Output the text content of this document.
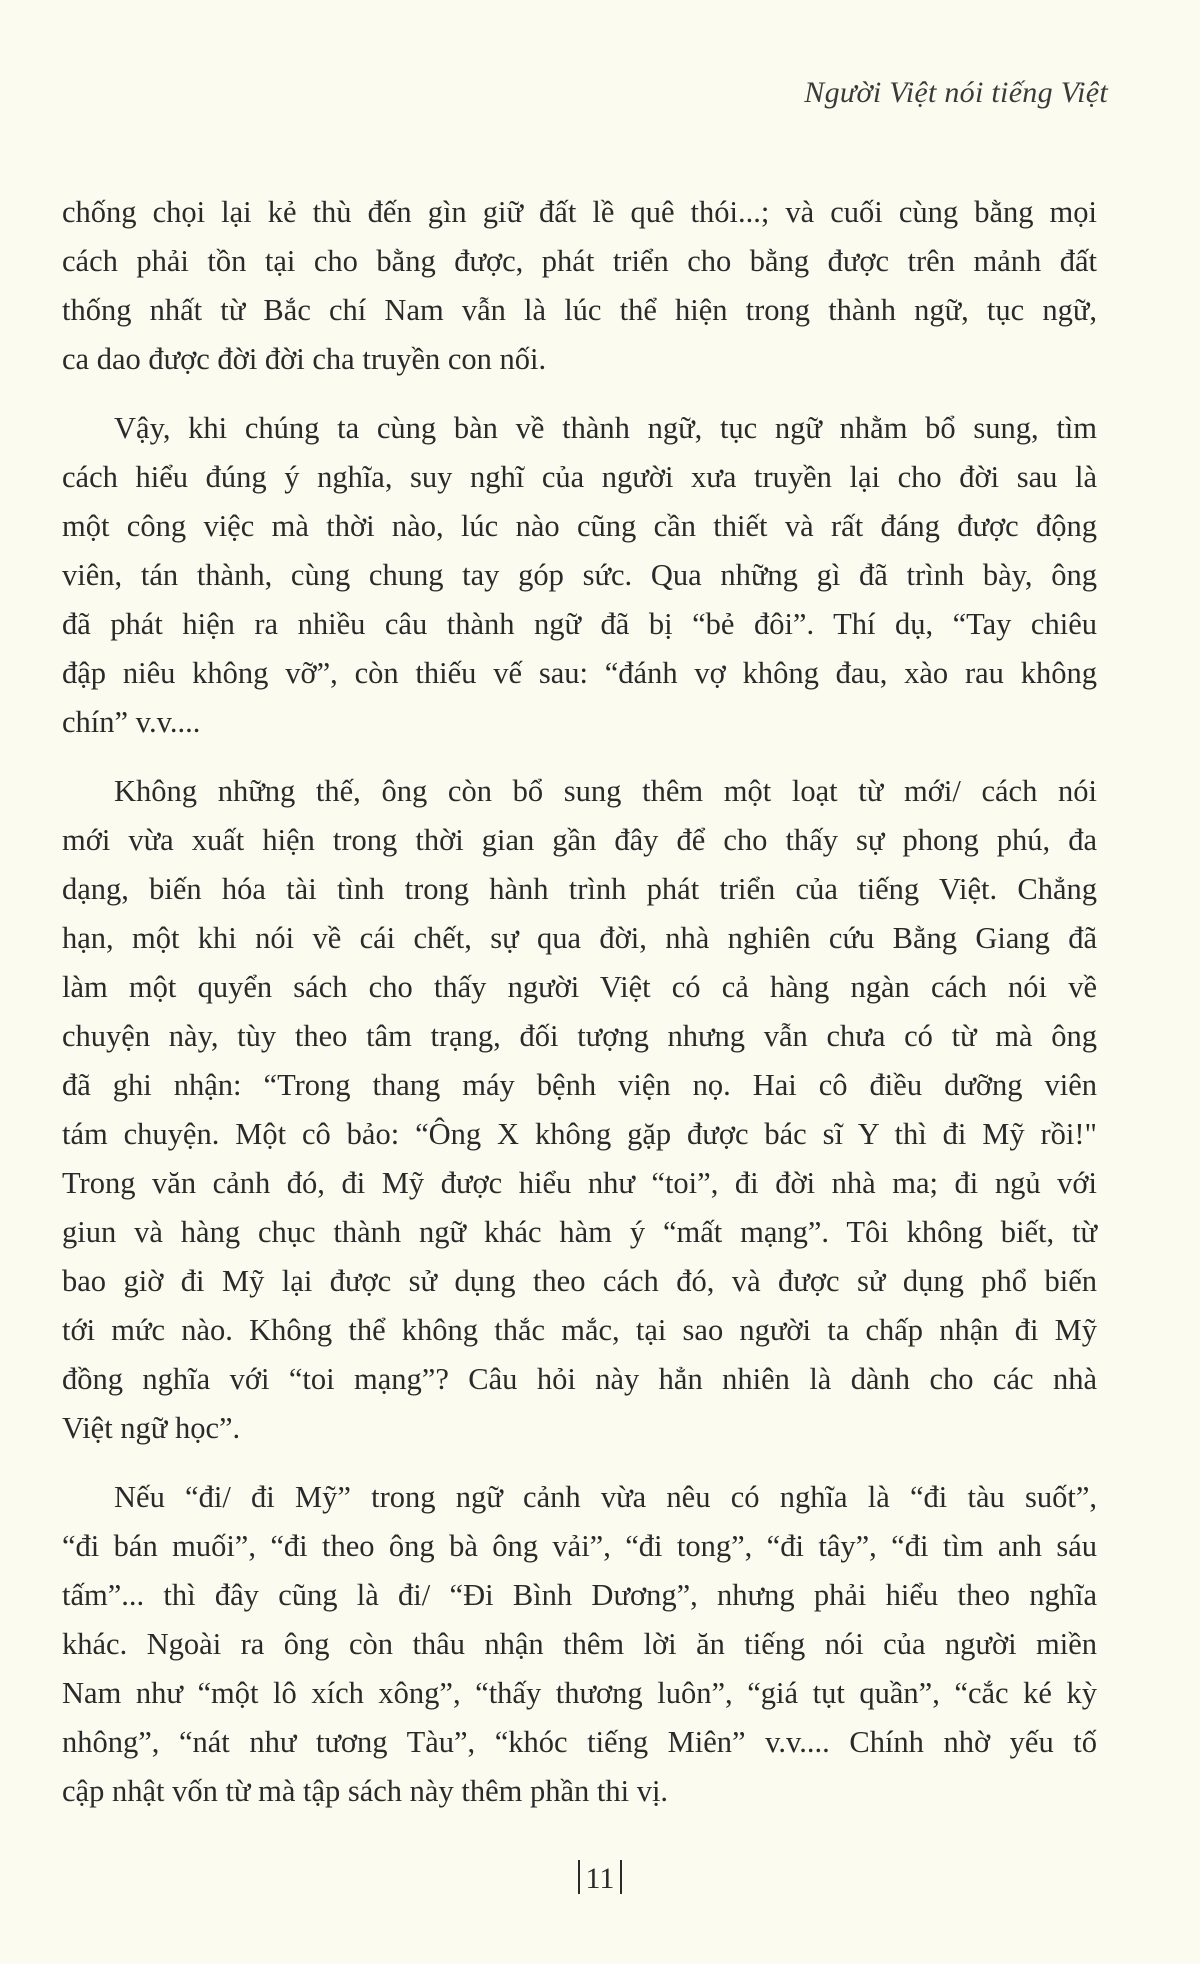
Người Việt nói tiếng Việt
chống chọi lại kẻ thù đến gìn giữ đất lề quê thói...; và cuối cùng bằng mọi
cách phải tồn tại cho bằng được, phát triển cho bằng được trên mảnh đất
thống nhất từ Bắc chí Nam vẫn là lúc thể hiện trong thành ngữ, tục ngữ,
ca dao được đời đời cha truyền con nối.
Vậy, khi chúng ta cùng bàn về thành ngữ, tục ngữ nhằm bổ sung, tìm
cách hiểu đúng ý nghĩa, suy nghĩ của người xưa truyền lại cho đời sau là
một công việc mà thời nào, lúc nào cũng cần thiết và rất đáng được động
viên, tán thành, cùng chung tay góp sức. Qua những gì đã trình bày, ông
đã phát hiện ra nhiều câu thành ngữ đã bị “bẻ đôi”. Thí dụ, “Tay chiêu
đập niêu không vỡ”, còn thiếu vế sau: “đánh vợ không đau, xào rau không
chín” v.v....
Không những thế, ông còn bổ sung thêm một loạt từ mới/ cách nói
mới vừa xuất hiện trong thời gian gần đây để cho thấy sự phong phú, đa
dạng, biến hóa tài tình trong hành trình phát triển của tiếng Việt. Chẳng
hạn, một khi nói về cái chết, sự qua đời, nhà nghiên cứu Bằng Giang đã
làm một quyển sách cho thấy người Việt có cả hàng ngàn cách nói về
chuyện này, tùy theo tâm trạng, đối tượng nhưng vẫn chưa có từ mà ông
đã ghi nhận: “Trong thang máy bệnh viện nọ. Hai cô điều dưỡng viên
tám chuyện. Một cô bảo: “Ông X không gặp được bác sĩ Y thì đi Mỹ rồi!"
Trong văn cảnh đó, đi Mỹ được hiểu như “toi”, đi đời nhà ma; đi ngủ với
giun và hàng chục thành ngữ khác hàm ý “mất mạng”. Tôi không biết, từ
bao giờ đi Mỹ lại được sử dụng theo cách đó, và được sử dụng phổ biến
tới mức nào. Không thể không thắc mắc, tại sao người ta chấp nhận đi Mỹ
đồng nghĩa với “toi mạng”? Câu hỏi này hẳn nhiên là dành cho các nhà
Việt ngữ học”.
Nếu “đi/ đi Mỹ” trong ngữ cảnh vừa nêu có nghĩa là “đi tàu suốt”,
“đi bán muối”, “đi theo ông bà ông vải”, “đi tong”, “đi tây”, “đi tìm anh sáu
tấm”... thì đây cũng là đi/ “Đi Bình Dương”, nhưng phải hiểu theo nghĩa
khác. Ngoài ra ông còn thâu nhận thêm lời ăn tiếng nói của người miền
Nam như “một lô xích xông”, “thấy thương luôn”, “giá tụt quần”, “cắc ké kỳ
nhông”, “nát như tương Tàu”, “khóc tiếng Miên” v.v.... Chính nhờ yếu tố
cập nhật vốn từ mà tập sách này thêm phần thi vị.
11
